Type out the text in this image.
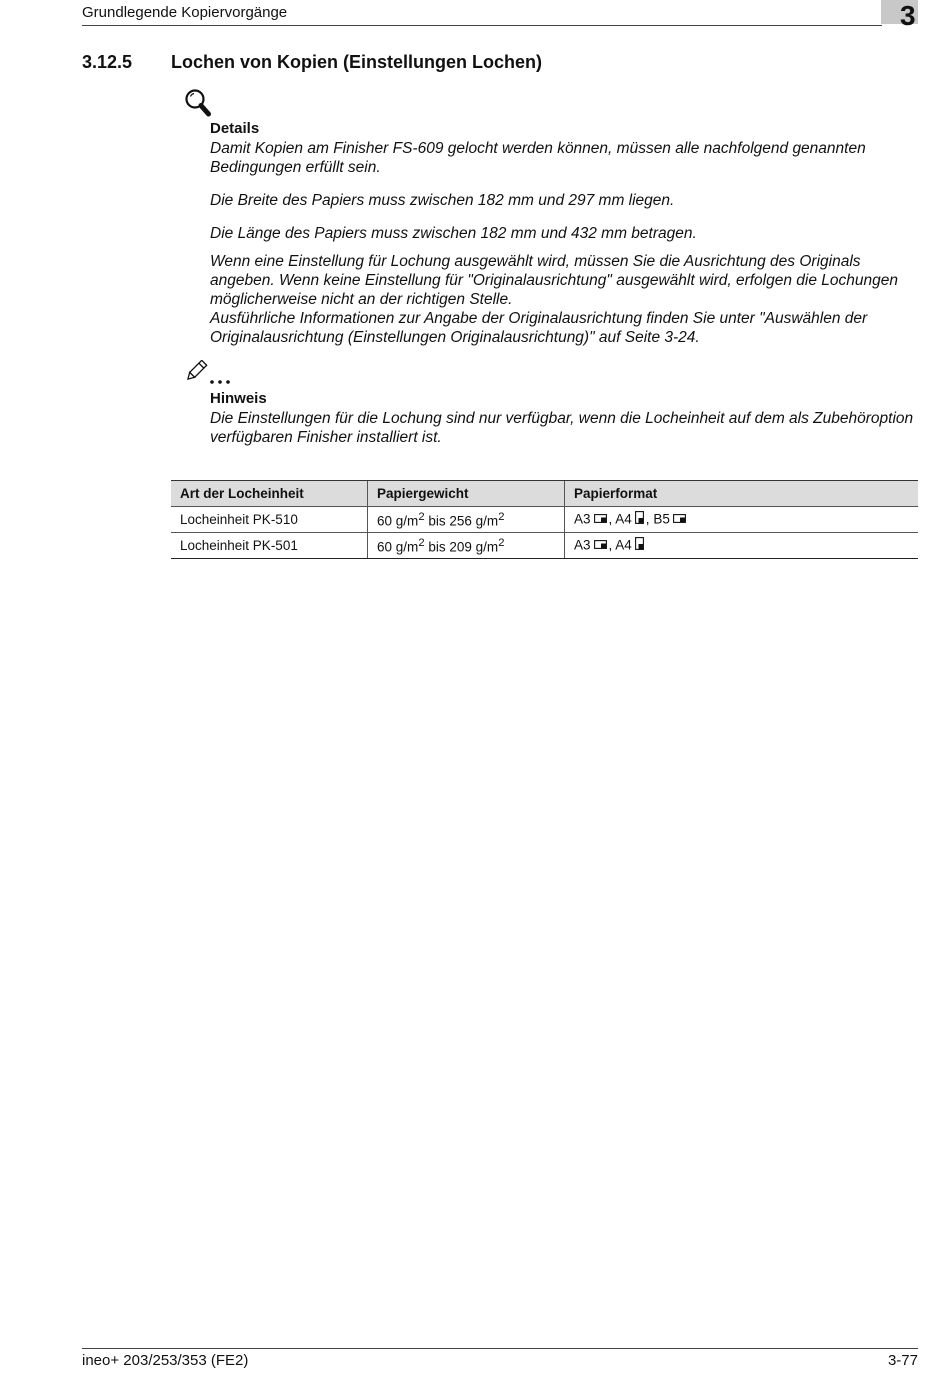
Grundlegende Kopiervorgänge	3
3.12.5 Lochen von Kopien (Einstellungen Lochen)
Details

Damit Kopien am Finisher FS-609 gelocht werden können, müssen alle nachfolgend genannten Bedingungen erfüllt sein.

Die Breite des Papiers muss zwischen 182 mm und 297 mm liegen.

Die Länge des Papiers muss zwischen 182 mm und 432 mm betragen.

Wenn eine Einstellung für Lochung ausgewählt wird, müssen Sie die Ausrichtung des Originals angeben. Wenn keine Einstellung für "Originalausrichtung" ausgewählt wird, erfolgen die Lochungen möglicherweise nicht an der richtigen Stelle.

Ausführliche Informationen zur Angabe der Originalausrichtung finden Sie unter "Auswählen der Originalausrichtung (Einstellungen Originalausrichtung)" auf Seite 3-24.

Hinweis

Die Einstellungen für die Lochung sind nur verfügbar, wenn die Locheinheit auf dem als Zubehöroption verfügbaren Finisher installiert ist.

Art der Locheinheit	Papiergewicht	Papierformat
Locheinheit PK-510	60 $g/m^2$ bis 256 $g/m^2$	A3 , A4 , B5
Locheinheit PK-501	60 $g/m^2$ bis 209 $g/m^2$	A3 , A4
ineo+ 203/253/353 (FE2)	3-77
